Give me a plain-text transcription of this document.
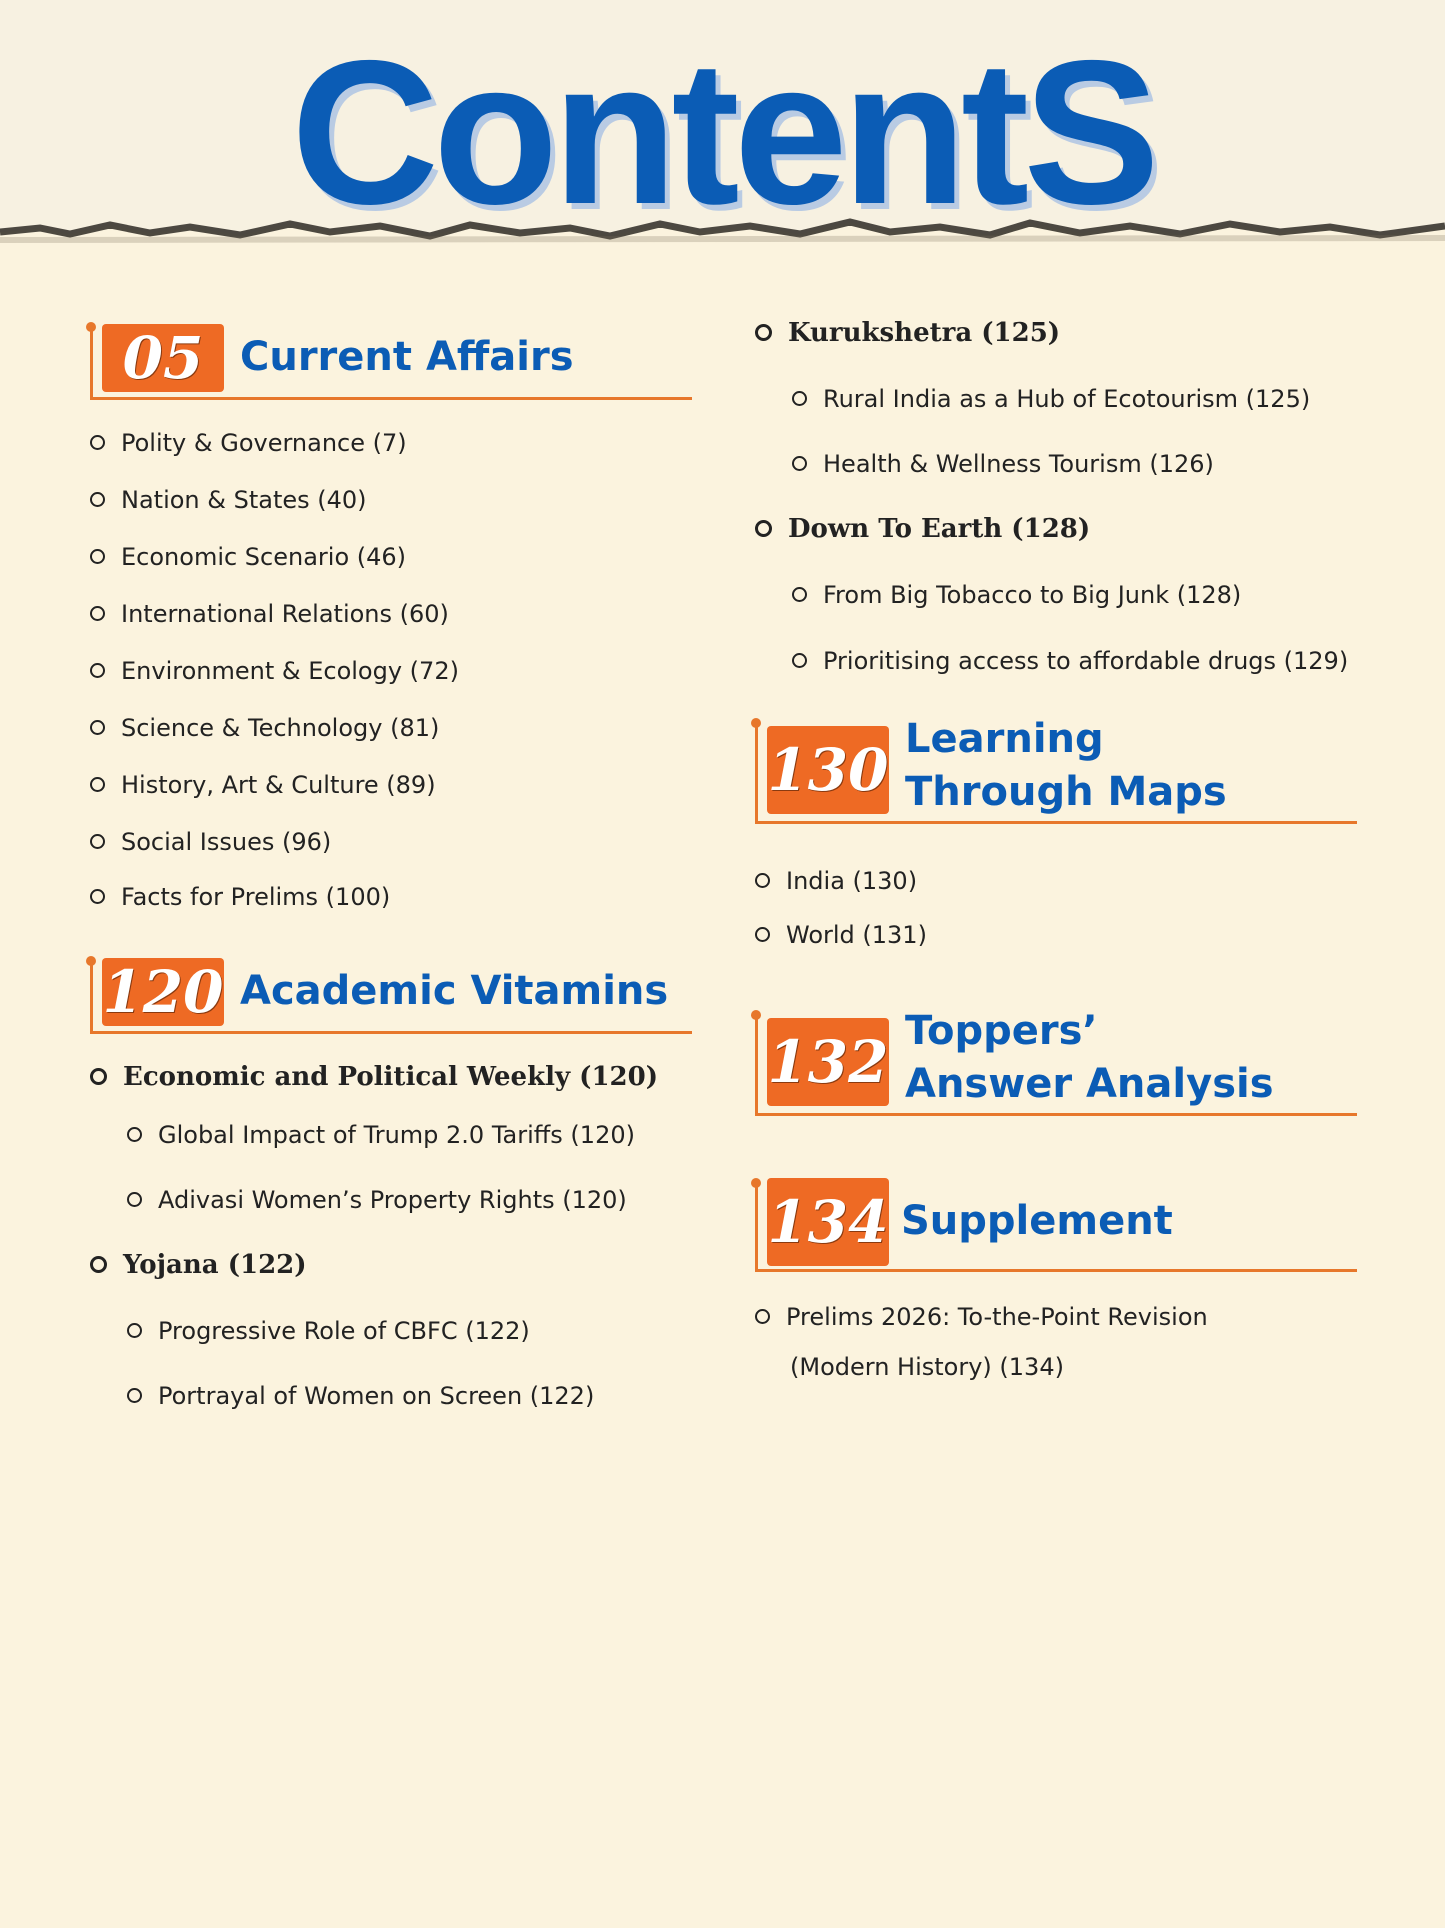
ContentS
05 Current Affairs
Polity & Governance (7)
Nation & States (40)
Economic Scenario (46)
International Relations (60)
Environment & Ecology (72)
Science & Technology (81)
History, Art & Culture (89)
Social Issues (96)
Facts for Prelims (100)
120 Academic Vitamins
Economic and Political Weekly (120)
Global Impact of Trump 2.0 Tariffs (120)
Adivasi Women’s Property Rights (120)
Yojana (122)
Progressive Role of CBFC (122)
Portrayal of Women on Screen (122)
Kurukshetra (125)
Rural India as a Hub of Ecotourism (125)
Health & Wellness Tourism (126)
Down To Earth (128)
From Big Tobacco to Big Junk (128)
Prioritising access to affordable drugs (129)
130 Learning
Through Maps
India (130)
World (131)
132 Toppers’
Answer Analysis
134 Supplement
Prelims 2026: To-the-Point Revision
(Modern History) (134)
